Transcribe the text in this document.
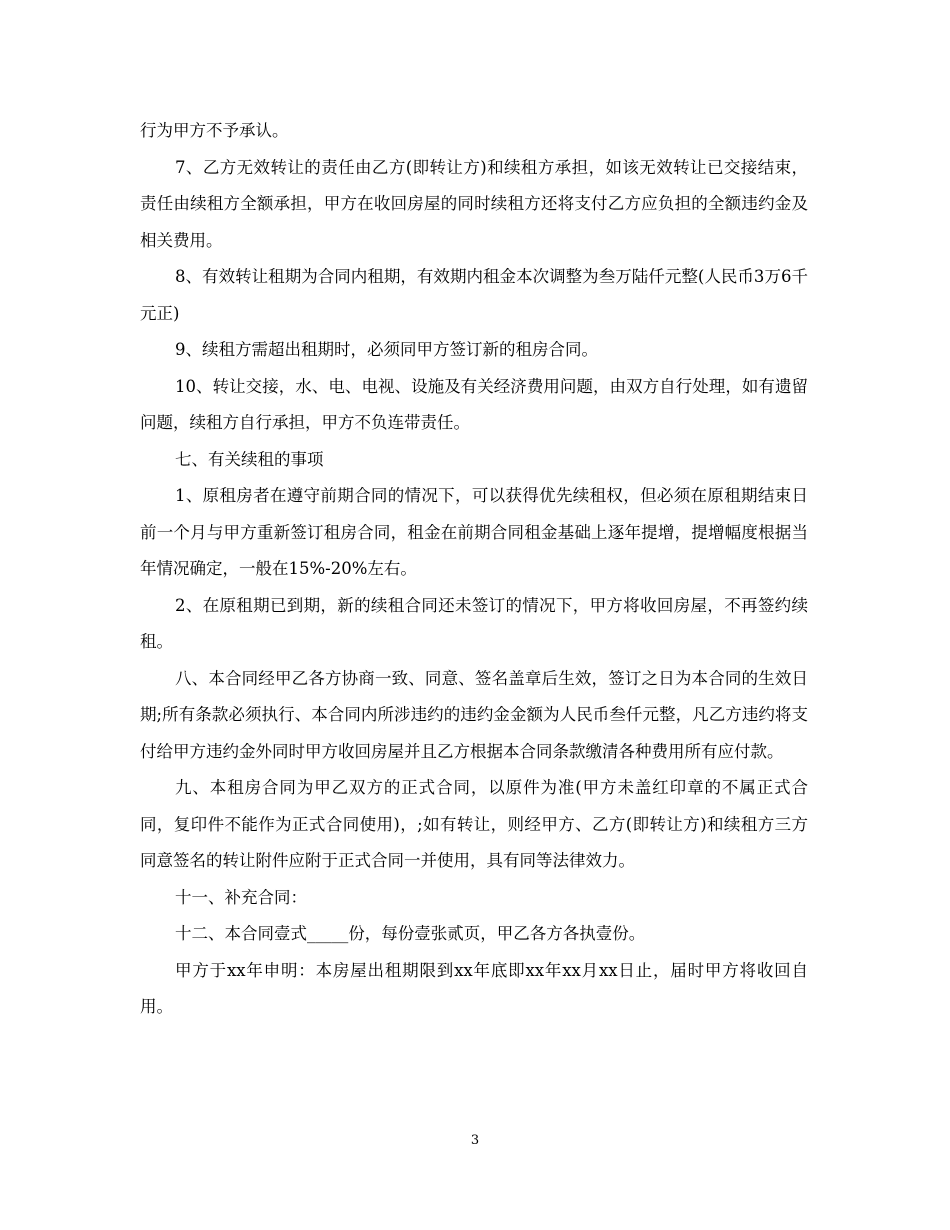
行为甲方不予承认。

7、乙方无效转让的责任由乙方(即转让方)和续租方承担，如该无效转让已交接结束，责任由续租方全额承担，甲方在收回房屋的同时续租方还将支付乙方应负担的全额违约金及相关费用。

8、有效转让租期为合同内租期，有效期内租金本次调整为叁万陆仟元整(人民币3万6千元正)

9、续租方需超出租期时，必须同甲方签订新的租房合同。

10、转让交接，水、电、电视、设施及有关经济费用问题，由双方自行处理，如有遗留问题，续租方自行承担，甲方不负连带责任。

七、有关续租的事项

1、原租房者在遵守前期合同的情况下，可以获得优先续租权，但必须在原租期结束日前一个月与甲方重新签订租房合同，租金在前期合同租金基础上逐年提增，提增幅度根据当年情况确定，一般在15%-20%左右。

2、在原租期已到期，新的续租合同还未签订的情况下，甲方将收回房屋，不再签约续租。

八、本合同经甲乙各方协商一致、同意、签名盖章后生效，签订之日为本合同的生效日期;所有条款必须执行、本合同内所涉违约的违约金金额为人民币叁仟元整，凡乙方违约将支付给甲方违约金外同时甲方收回房屋并且乙方根据本合同条款缴清各种费用所有应付款。

九、本租房合同为甲乙双方的正式合同，以原件为准(甲方未盖红印章的不属正式合同，复印件不能作为正式合同使用)，;如有转让，则经甲方、乙方(即转让方)和续租方三方同意签名的转让附件应附于正式合同一并使用，具有同等法律效力。

十一、补充合同：

十二、本合同壹式_____份，每份壹张贰页，甲乙各方各执壹份。

甲方于xx年申明：本房屋出租期限到xx年底即xx年xx月xx日止，届时甲方将收回自用。

3
